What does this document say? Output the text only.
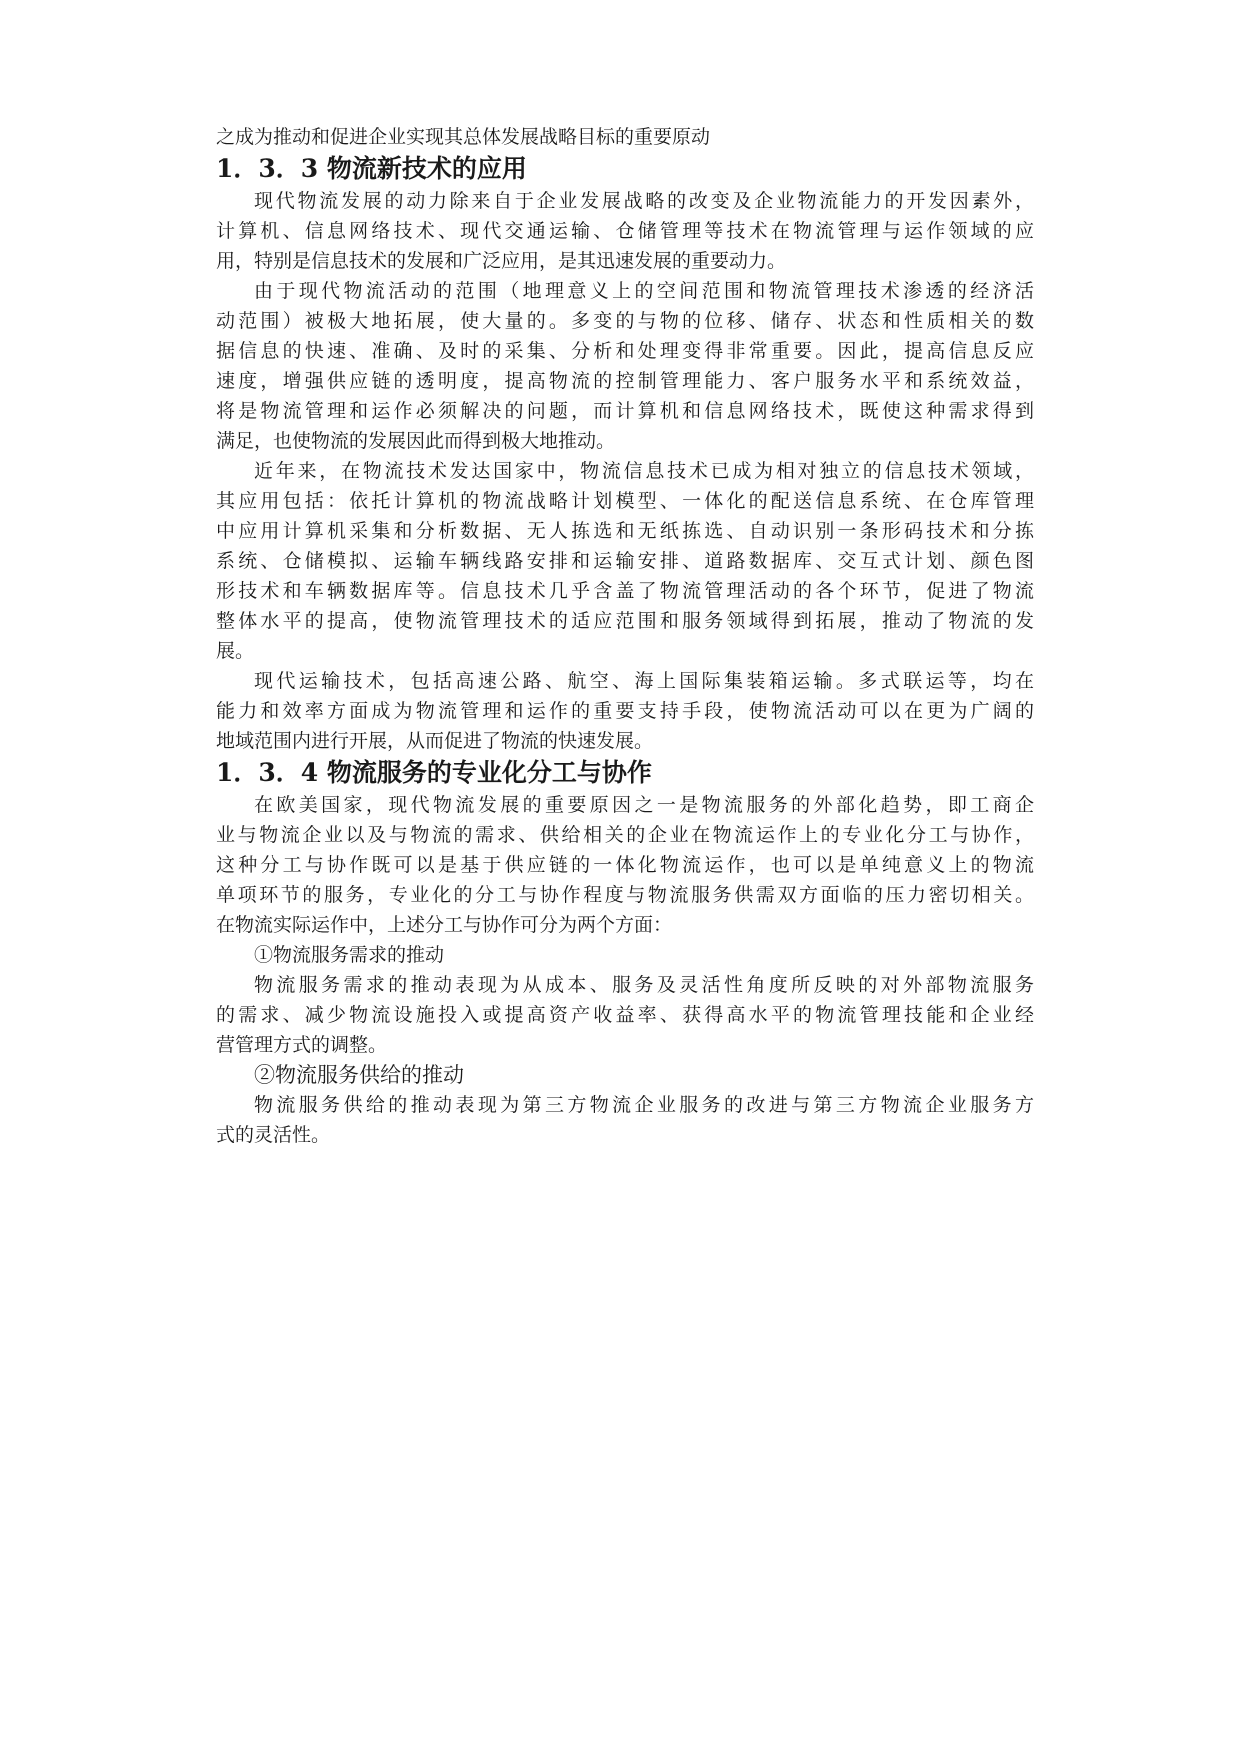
之成为推动和促进企业实现其总体发展战略目标的重要原动

1．3．3 物流新技术的应用

现代物流发展的动力除来自于企业发展战略的改变及企业物流能力的开发因素外，

计算机、信息网络技术、现代交通运输、仓储管理等技术在物流管理与运作领域的应

用，特别是信息技术的发展和广泛应用，是其迅速发展的重要动力。

由于现代物流活动的范围（地理意义上的空间范围和物流管理技术渗透的经济活

动范围）被极大地拓展，使大量的。多变的与物的位移、储存、状态和性质相关的数

据信息的快速、准确、及时的采集、分析和处理变得非常重要。因此，提高信息反应

速度，增强供应链的透明度，提高物流的控制管理能力、客户服务水平和系统效益，

将是物流管理和运作必须解决的问题，而计算机和信息网络技术，既使这种需求得到

满足，也使物流的发展因此而得到极大地推动。

近年来，在物流技术发达国家中，物流信息技术已成为相对独立的信息技术领域，

其应用包括：依托计算机的物流战略计划模型、一体化的配送信息系统、在仓库管理

中应用计算机采集和分析数据、无人拣选和无纸拣选、自动识别一条形码技术和分拣

系统、仓储模拟、运输车辆线路安排和运输安排、道路数据库、交互式计划、颜色图

形技术和车辆数据库等。信息技术几乎含盖了物流管理活动的各个环节，促进了物流

整体水平的提高，使物流管理技术的适应范围和服务领域得到拓展，推动了物流的发

展。

现代运输技术，包括高速公路、航空、海上国际集装箱运输。多式联运等，均在

能力和效率方面成为物流管理和运作的重要支持手段，使物流活动可以在更为广阔的

地域范围内进行开展，从而促进了物流的快速发展。

1．3．4 物流服务的专业化分工与协作

在欧美国家，现代物流发展的重要原因之一是物流服务的外部化趋势，即工商企

业与物流企业以及与物流的需求、供给相关的企业在物流运作上的专业化分工与协作，

这种分工与协作既可以是基于供应链的一体化物流运作，也可以是单纯意义上的物流

单项环节的服务，专业化的分工与协作程度与物流服务供需双方面临的压力密切相关。

在物流实际运作中，上述分工与协作可分为两个方面：

①物流服务需求的推动

物流服务需求的推动表现为从成本、服务及灵活性角度所反映的对外部物流服务

的需求、减少物流设施投入或提高资产收益率、获得高水平的物流管理技能和企业经

营管理方式的调整。

②物流服务供给的推动

物流服务供给的推动表现为第三方物流企业服务的改进与第三方物流企业服务方

式的灵活性。
